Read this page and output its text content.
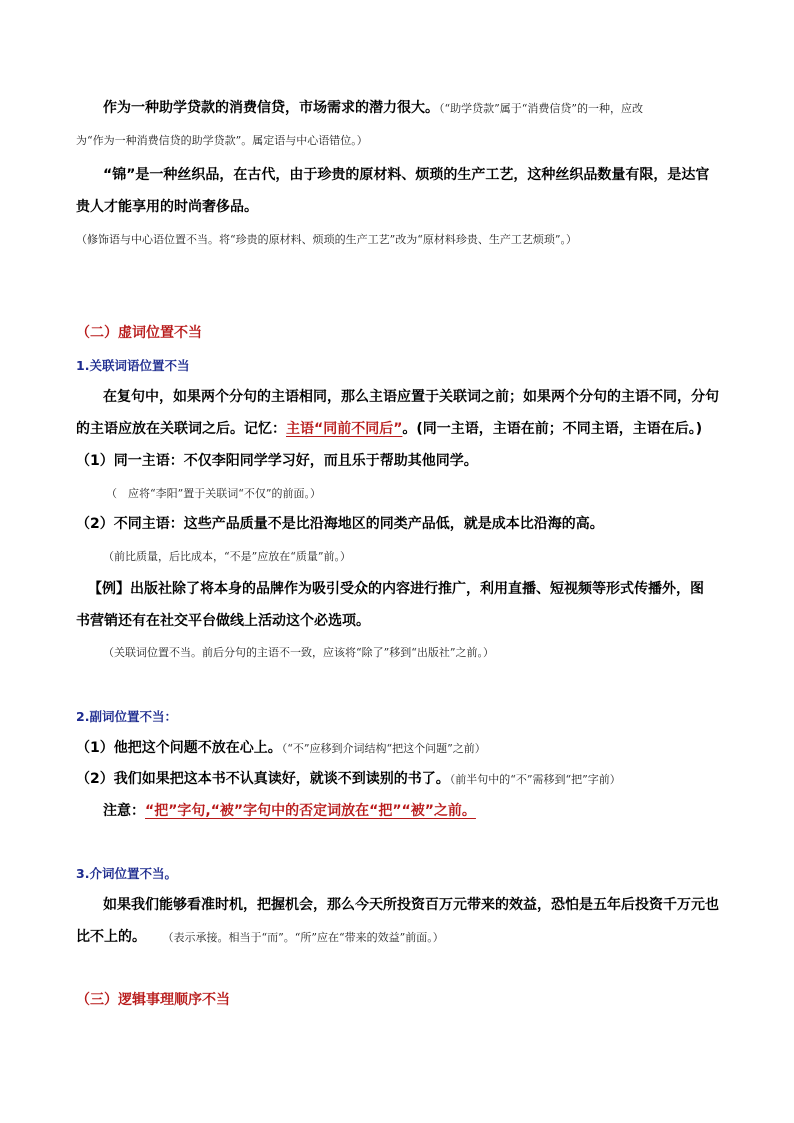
作为一种助学贷款的消费信贷，市场需求的潜力很大。（“助学贷款”属于“消费信贷”的一种，应改
为“作为一种消费信贷的助学贷款”。属定语与中心语错位。）
“锦”是一种丝织品，在古代，由于珍贵的原材料、烦琐的生产工艺，这种丝织品数量有限，是达官
贵人才能享用的时尚奢侈品。
（修饰语与中心语位置不当。将“珍贵的原材料、烦琐的生产工艺”改为“原材料珍贵、生产工艺烦琐”。）
（二）虚词位置不当
1.关联词语位置不当
在复句中，如果两个分句的主语相同，那么主语应置于关联词之前；如果两个分句的主语不同，分句
的主语应放在关联词之后。记忆：主语“同前不同后”。(同一主语，主语在前；不同主语，主语在后。)
（1）同一主语：不仅李阳同学学习好，而且乐于帮助其他同学。
（　应将“李阳”置于关联词“不仅”的前面。）
（2）不同主语：这些产品质量不是比沿海地区的同类产品低，就是成本比沿海的高。
（前比质量，后比成本，“不是”应放在“质量”前。）
【例】出版社除了将本身的品牌作为吸引受众的内容进行推广，利用直播、短视频等形式传播外，图
书营销还有在社交平台做线上活动这个必选项。
（关联词位置不当。前后分句的主语不一致，应该将“除了”移到“出版社”之前。）
2.副词位置不当：
（1）他把这个问题不放在心上。（“不”应移到介词结构“把这个问题”之前）
（2）我们如果把这本书不认真读好，就谈不到读别的书了。（前半句中的“不”需移到“把”字前）
注意：“把”字句,“被”字句中的否定词放在“把”“被”之前。
3.介词位置不当。
如果我们能够看准时机，把握机会，那么今天所投资百万元带来的效益，恐怕是五年后投资千万元也
比不上的。 （表示承接。相当于“而”。“所”应在“带来的效益”前面。）
（三）逻辑事理顺序不当
